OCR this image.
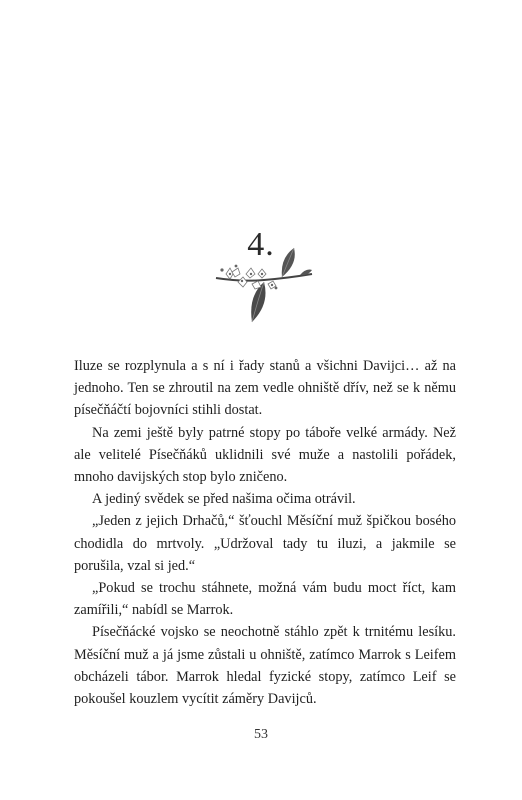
4.

Iluze se rozplynula a s ní i řady stanů a všichni Davijci… až na jednoho. Ten se zhroutil na zem vedle ohniště dřív, než se k němu písečňáčtí bojovníci stihli dostat.

Na zemi ještě byly patrné stopy po táboře velké armády. Než ale velitelé Písečňáků uklidnili své muže a nastolili pořádek, mnoho davijských stop bylo zničeno.

A jediný svědek se před našima očima otrávil.

„Jeden z jejich Drhačů,“ šťouchl Měsíční muž špičkou bosého chodidla do mrtvoly. „Udržoval tady tu iluzi, a jakmile se porušila, vzal si jed.“

„Pokud se trochu stáhnete, možná vám budu moct říct, kam zamířili,“ nabídl se Marrok.

Písečňácké vojsko se neochotně stáhlo zpět k trnitému lesíku. Měsíční muž a já jsme zůstali u ohniště, zatímco Marrok s Leifem obcházeli tábor. Marrok hledal fyzické stopy, zatímco Leif se pokoušel kouzlem vycítit záměry Davijců.

53
